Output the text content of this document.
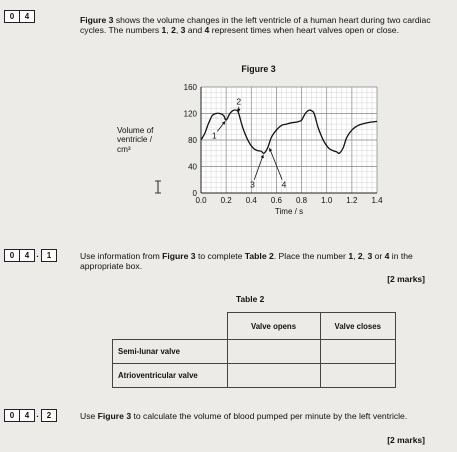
0	4	Figure 3 shows the volume changes in the left ventricle of a human heart during two cardiac cycles. The numbers 1, 2, 3 and 4 represent times when heart valves open or close.
Figure 3
Volume of
ventricle /
cm³
0
40
80
120
160
0.0 0.2 0.4 0.6 0.8 1.0 1.2 1.4
Time / s
1
2
3	4
0	4 .	1	Use information from Figure 3 to complete Table 2. Place the number 1, 2, 3 or 4 in the appropriate box.
[2 marks]
Table 2
	Valve opens	Valve closes
Semi-lunar valve		
Atrioventricular valve		
0	4 .	2	Use Figure 3 to calculate the volume of blood pumped per minute by the left ventricle.
[2 marks]
